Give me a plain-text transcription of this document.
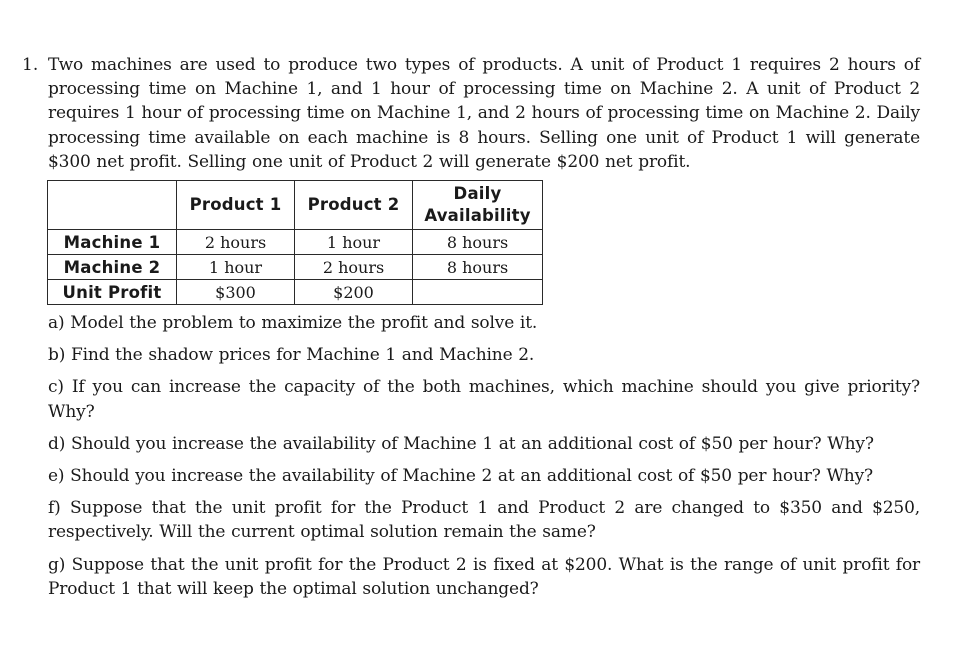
1. Two machines are used to produce two types of products. A unit of Product 1 requires 2 hours of processing time on Machine 1, and 1 hour of processing time on Machine 2. A unit of Product 2 requires 1 hour of processing time on Machine 1, and 2 hours of processing time on Machine 2. Daily processing time available on each machine is 8 hours. Selling one unit of Product 1 will generate $300 net profit. Selling one unit of Product 2 will generate $200 net profit.
	Product 1	Product 2	Daily
Availability
Machine 1	2 hours	1 hour	8 hours
Machine 2	1 hour	2 hours	8 hours
Unit Profit	$300	$200	

a) Model the problem to maximize the profit and solve it.

b) Find the shadow prices for Machine 1 and Machine 2.

c) If you can increase the capacity of the both machines, which machine should you give priority? Why?

d) Should you increase the availability of Machine 1 at an additional cost of $50 per hour? Why?

e) Should you increase the availability of Machine 2 at an additional cost of $50 per hour? Why?

f) Suppose that the unit profit for the Product 1 and Product 2 are changed to $350 and $250, respectively. Will the current optimal solution remain the same?

g) Suppose that the unit profit for the Product 2 is fixed at $200. What is the range of unit profit for Product 1 that will keep the optimal solution unchanged?
